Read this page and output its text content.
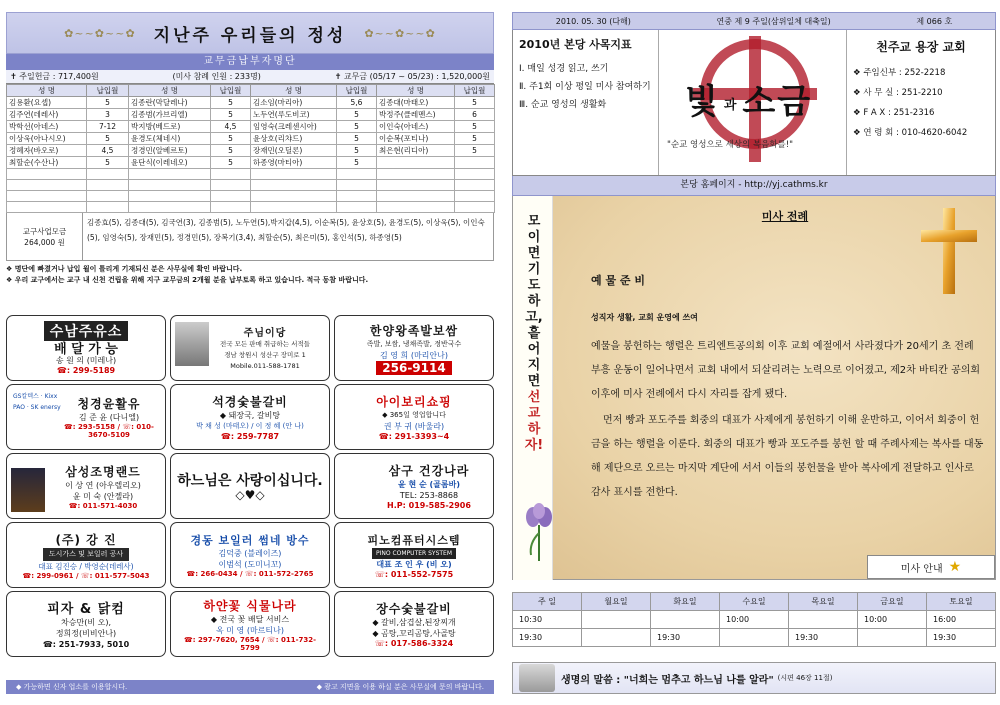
✿~~✿~~✿ 지난주 우리들의 정성 ✿~~✿~~✿
교무금납부자명단
✝ 주일헌금 : 717,400원	(미사 참례 인원 : 233명)	✝ 교무금 (05/17 ~ 05/23) : 1,520,000원
성 명	납입월	성 명	납입월	성 명	납입월	성 명	납입월
김용환(요셉)	5	김종란(막달레나)	5	김소임(마리아)	5,6	김종대(마태오)	5
김주연(데레사)	3	김종범(가브리엘)	5	노두연(루도비코)	5	박정주(클레멘스)	6
박학선(아네스)	7-12	박지방(베드로)	4,5	임영숙(크레센시아)	5	이인숙(아네스)	5
이상욱(아나시오)	5	윤경도(체네시)	5	윤상호(리챠드)	5	이순복(포티나)	5
정혜자(바오로)	4,5	정경민(알베르토)	5	장재민(오딜론)	5	최은현(리디아)	5
최할순(수산나)	5	윤단식(이레네오)	5	하종영(마티아)	5		

교구사업모금
264,000 원
김종효(5), 김종대(5), 김국연(3), 김종범(5), 노두연(5),박지갑(4,5), 이순복(5), 윤상호(5), 윤경도(5), 이상욱(5), 이인숙(5), 임영숙(5), 장재민(5), 정경민(5), 장복기(3,4), 최할순(5), 최은미(5), 홍인석(5), 하종영(5)
❖ 명단에 빠졌거나 납입 월이 틀리게 기재되신 분은 사무실에 확인 바랍니다.
❖ 우리 교구에서는 교구 내 신천 건립을 위해 지구 교무금의 2개월 분을 납부토록 하고 있습니다. 적극 동참 바랍니다.
수남주유소
배 달 가 능
송 원 의 (미레나)
☎: 299-5189
주님이당
전국 모든 판매 취급하는 서적들
경남 창원시 성산구 장미로 1
Mobile.011-588-1781
한양왕족발보쌈
족발, 보쌈, 냉채족발, 정반국수
김 영 희 (마리안나)
256-9114
GS칼텍스 · Kixx PAO · SK enersy 청경윤활유
김 준 윤 (다니엘)
☎: 293-5158 / ☏: 010-3670-5109
석경숯불갈비
◆ 돼장국, 갈비탕
박 채 성 (마태오) / 이 정 혜 (안 나)
☎: 259-7787
아이보리쇼핑
◆ 365일 영업합니다
권 부 귀 (바울라)
☎: 291-3393~4
삼성조명랜드
이 상 연 (아우렐리오)
윤 미 숙 (안젤라)
☎: 011-571-4030
하느님은 사랑이십니다.
◇♥◇
삼구 건강나라
윤 현 순 (골롬바)
TEL: 253-8868
H.P: 019-585-2906
(주) 강 진
도시가스 및 보일러 공사
대표 김진승 / 박영순(데레사)
☎: 299-0961 / ☏: 011-577-5043
경동 보일러 썸네 방수
김덕중 (블레이즈)
이범석 (도미니꼬)
☎: 266-0434 / ☏: 011-572-2765
피노컴퓨터시스템
PINO COMPUTER SYSTEM
대표 조 인 우 (비 오)
☏: 011-552-7575
피자 & 닭컴
차승만(비 오),
정희정(비비안나)
☎: 251-7933, 5010
하얀꽃 식물나라
◆ 전국 꽃 배달 서비스
옥 미 영 (마르티나)
☎: 297-7620, 7654 / ☏: 011-732-5799
장수숯불갈비
◆ 갈비,삼겹살,된장찌개
◆ 곰탕,꼬리곰탕,사골탕
☏: 017-586-3324
◆ 가능하면 신자 업소를 이용합시다.	◆ 광고 지면을 이용 하실 분은 사무실에 문의 바랍니다.
2010. 05. 30 (다해)	연중 제 9 주일(삼위일체 대축일)	제 066 호
2010년 본당 사목지표

Ⅰ. 매일 성경 읽고, 쓰기

Ⅱ. 주1회 이상 평일 미사 참여하기

Ⅲ. 순교 영성의 생활화	빛과 소금
"순교 영성으로 세상의 복음화를!"
천주교 용장 교회

❖ 주임신부 : 252-2218

❖ 사 무 실 : 251-2210

❖ F A X : 251-2316

❖ 연 령 회 : 010-4620-6042

본당 홈페이지 - http://yj.cathms.kr
모이면 기도하고, 흩어지면 선교하자!
미사 전례
예 물 준 비
성직자 생활, 교회 운영에 쓰여

예물을 봉헌하는 행렬은 트리엔트공의회 이후 교회 예절에서 사라졌다가 20세기 초 전례 부흥 운동이 일어나면서 교회 내에서 되살리려는 노력으로 이어졌고, 제2차 바티칸 공의회 이후에 미사 전례에서 다시 자리를 잡게 됐다.

먼저 빵과 포도주를 회중의 대표가 사제에게 봉헌하기 이해 운반하고, 이어서 회중이 헌금을 하는 행렬을 이룬다. 회중의 대표가 빵과 포도주를 봉헌 할 때 주례사제는 복사를 대동해 제단으로 오르는 마지막 계단에 서서 이들의 봉헌물을 받아 복사에게 전달하고 인사로 감사 표시를 전한다.

미사 안내 ★
주 일	월요일	화요일	수요일	목요일	금요일	토요일
10:30			10:00		10:00	16:00
19:30		19:30		19:30		19:30
생명의 말씀 : "너희는 멈추고 하느님 나를 알라" (시편 46장 11절)
